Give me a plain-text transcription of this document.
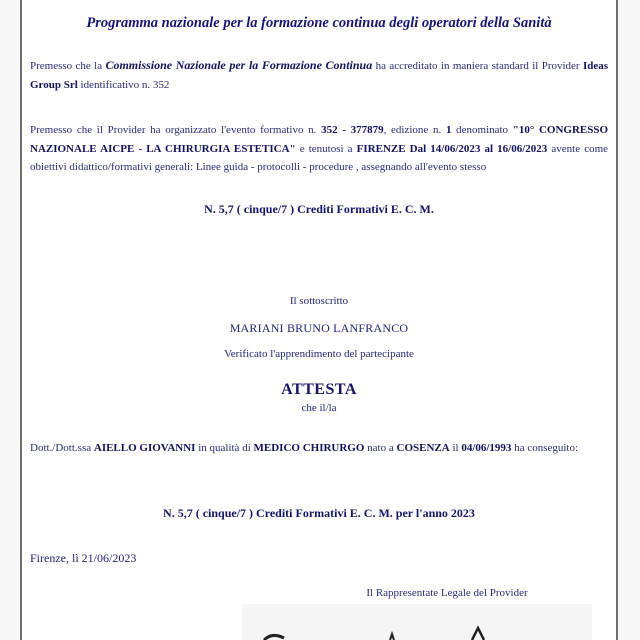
Programma nazionale per la formazione continua degli operatori della Sanità
Premesso che la Commissione Nazionale per la Formazione Continua ha accreditato in maniera standard il Provider Ideas Group Srl identificativo n. 352
Premesso che il Provider ha organizzato l'evento formativo n. 352 - 377879, edizione n. 1 denominato "10° CONGRESSO NAZIONALE AICPE - LA CHIRURGIA ESTETICA" e tenutosi a FIRENZE Dal 14/06/2023 al 16/06/2023 avente come obiettivi didattico/formativi generali: Linee guida - protocolli - procedure , assegnando all'evento stesso
N. 5,7 ( cinque/7 ) Crediti Formativi E. C. M.
Il sottoscritto
MARIANI BRUNO LANFRANCO
Verificato l'apprendimento del partecipante
ATTESTA
che il/la
Dott./Dott.ssa AIELLO GIOVANNI in qualità di MEDICO CHIRURGO nato a COSENZA il 04/06/1993 ha conseguito:
N. 5,7 ( cinque/7 ) Crediti Formativi E. C. M. per l'anno 2023
Firenze, lì 21/06/2023
Il Rappresentate Legale del Provider
